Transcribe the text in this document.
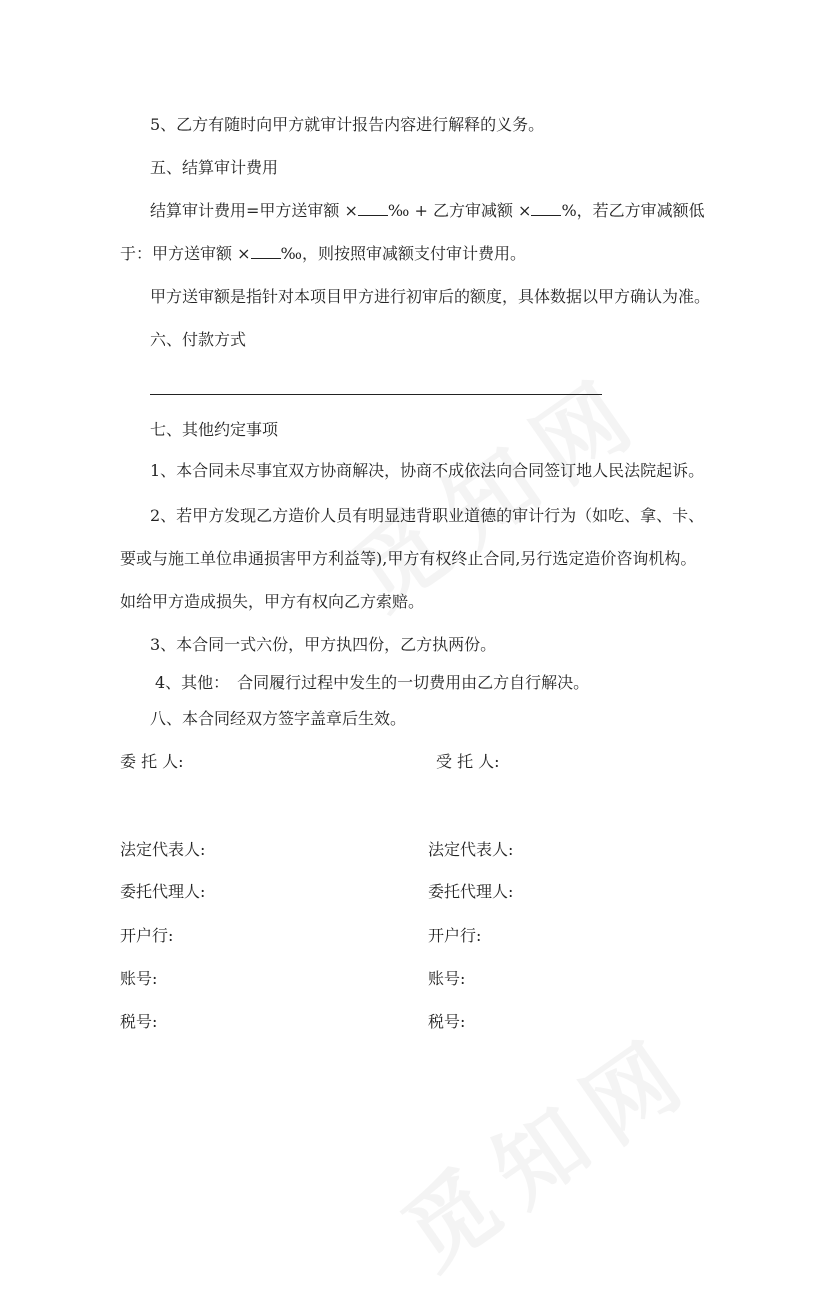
5、乙方有随时向甲方就审计报告内容进行解释的义务。
五、结算审计费用
结算审计费用=甲方送审额 × ‰ + 乙方审减额 × %，若乙方审减额低
于：甲方送审额 × ‰，则按照审减额支付审计费用。
甲方送审额是指针对本项目甲方进行初审后的额度，具体数据以甲方确认为准。
六、付款方式
七、其他约定事项
1、本合同未尽事宜双方协商解决，协商不成依法向合同签订地人民法院起诉。
2、若甲方发现乙方造价人员有明显违背职业道德的审计行为（如吃、拿、卡、
要或与施工单位串通损害甲方利益等),甲方有权终止合同,另行选定造价咨询机构。
如给甲方造成损失，甲方有权向乙方索赔。
3、本合同一式六份，甲方执四份，乙方执两份。
4、其他：　合同履行过程中发生的一切费用由乙方自行解决。
八、本合同经双方签字盖章后生效。
委 托 人:
法定代表人:
委托代理人:
开户行:
账号:
税号:
受 托 人:
法定代表人:
委托代理人:
开户行:
账号:
税号:
